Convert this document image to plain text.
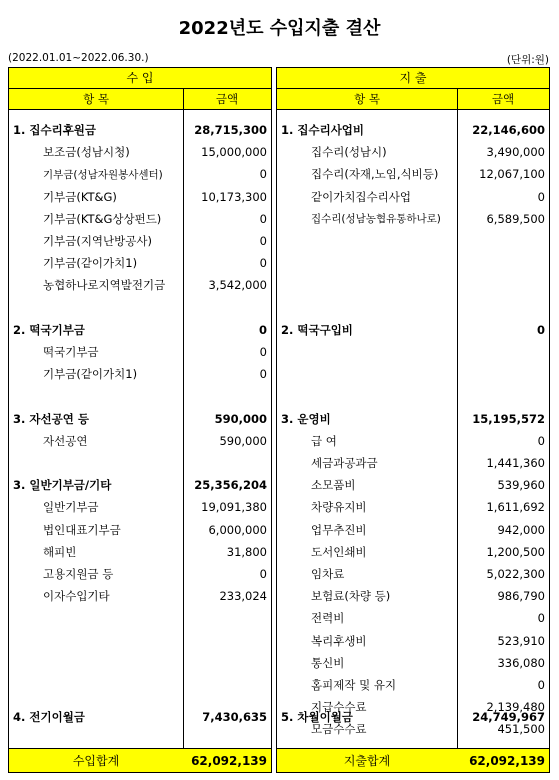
2022년도 수입지출 결산
(2022.01.01~2022.06.30.)	(단위:원)
수 입
항 목	금액
1. 집수리후원금	28,715,300
보조금(성남시청)	15,000,000
기부금(성남자원봉사센터)	0
기부금(KT&G)	10,173,300
기부금(KT&G상상펀드)	0
기부금(지역난방공사)	0
기부금(같이가치1)	0
농협하나로지역발전기금	3,542,000
2. 떡국기부금	0
떡국기부금	0
기부금(같이가치1)	0
3. 자선공연 등	590,000
자선공연	590,000
3. 일반기부금/기타	25,356,204
일반기부금	19,091,380
법인대표기부금	6,000,000
해피빈	31,800
고용지원금 등	0
이자수입기타	233,024
4. 전기이월금	7,430,635
수입합계	62,092,139
지 출
항 목	금액
1. 집수리사업비	22,146,600
집수리(성남시)	3,490,000
집수리(자재,노임,식비등)	12,067,100
같이가치집수리사업	0
집수리(성남농협유통하나로)	6,589,500
2. 떡국구입비	0
3. 운영비	15,195,572
급 여	0
세금과공과금	1,441,360
소모품비	539,960
차량유지비	1,611,692
업무추진비	942,000
도서인쇄비	1,200,500
임차료	5,022,300
보험료(차량 등)	986,790
전력비	0
복리후생비	523,910
통신비	336,080
홈피제작 및 유지	0
지급수수료	2,139,480
모금수수료	451,500
5. 차월이월금	24,749,967
지출합계	62,092,139
